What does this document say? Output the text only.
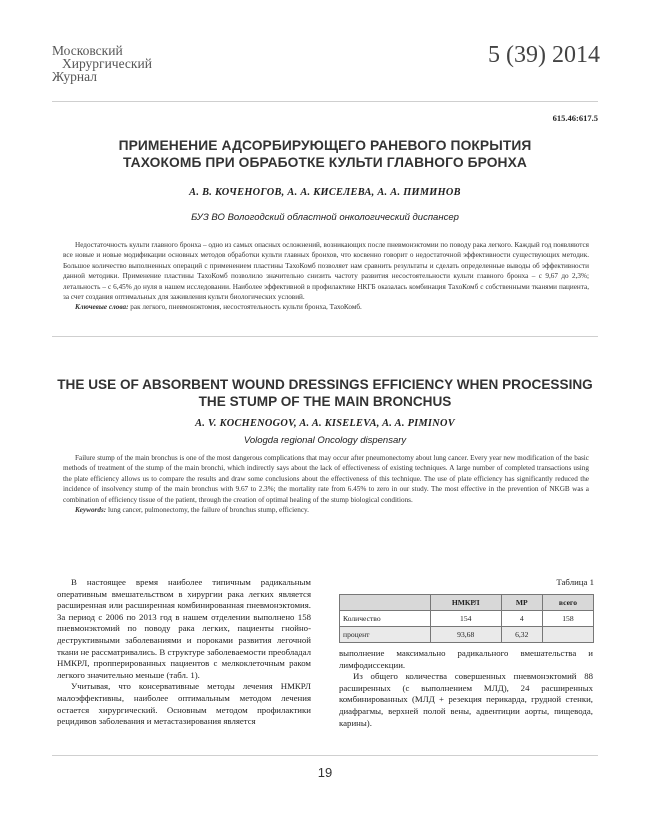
Московский
Хирургический
Журнал
5 (39) 2014
615.46:617.5
ПРИМЕНЕНИЕ АДСОРБИРУЮЩЕГО РАНЕВОГО ПОКРЫТИЯ ТАХОКОМБ ПРИ ОБРАБОТКЕ КУЛЬТИ ГЛАВНОГО БРОНХА
А. В. КОЧЕНОГОВ, А. А. КИСЕЛЕВА, А. А. ПИМИНОВ
БУЗ ВО Вологодский областной онкологический диспансер

Недостаточность культи главного бронха – одно из самых опасных осложнений, возникающих после пневмонэктомии по поводу рака легкого. Каждый год появляются все новые и новые модификации основных методов обработки культи главных бронхов, что косвенно говорит о недостаточной эффективности существующих методик. Большое количество выполненных операций с применением пластины ТахоКомб позволяет нам сравнить результаты и сделать определенные выводы об эффективности данной методики. Применение пластины ТахоКомб позволило значительно снизить частоту развития несостоятельности культи главного бронха – с 9,67 до 2,3%; летальность – с 6,45% до нуля в нашем исследовании. Наиболее эффективной в профилактике НКГБ оказалась комбинация ТахоКомб с собственными тканями пациента, за счет создания оптимальных для заживления культи биологических условий.

Ключевые слова: рак легкого, пневмонэктомия, несостоятельность культи бронха, ТахоКомб.

THE USE OF ABSORBENT WOUND DRESSINGS EFFICIENCY WHEN PROCESSING THE STUMP OF THE MAIN BRONCHUS
A. V. KOCHENOGOV, A. A. KISELEVA, A. A. PIMINOV
Vologda regional Oncology dispensary

Failure stump of the main bronchus is one of the most dangerous complications that may occur after pneumonectomy about lung cancer. Every year new modification of the basic methods of treatment of the stump of the main bronchi, which indirectly says about the lack of effectiveness of existing techniques. A large number of completed transactions using the plate efficiency allows us to compare the results and draw some conclusions about the effectiveness of this technique. The use of plate efficiency has significantly reduced the incidence of insolvency stump of the main bronchus with 9.67 to 2.3%; the mortality rate from 6.45% to zero in our study. The most effective in the prevention of NKGB was a combination of efficiency tissue of the patient, through the creation of optimal healing of the stump biological conditions.

Keywords: lung cancer, pulmonectomy, the failure of bronchus stump, efficiency.

В настоящее время наиболее типичным радикальным оперативным вмешательством в хирургии рака легких является расширенная или расширенная комбинированная пневмонэктомия. За период с 2006 по 2013 год в нашем отделении выполнено 158 пневмонэктомий по поводу рака легких, пациенты гнойно-деструктивными заболеваниями и пороками развития легочной ткани не рассматривались. В структуре заболеваемости преобладал НМКРЛ, пропперированных пациентов с мелкоклеточным раком легкого значительно меньше (табл. 1).

Учитывая, что консервативные методы лечения НМКРЛ малоэффективны, наиболее оптимальным методом лечения остается хирургический. Основным методом профилактики рецидивов заболевания и метастазирования является

Таблица 1
	НМКРЛ	МР	всего
Количество	154	4	158
процент	93,68	6,32	

выполнение максимально радикального вмешательства и лимфодиссекции.

Из общего количества совершенных пневмонэктомий 88 расширенных (с выполнением МЛД), 24 расширенных комбинированных (МЛД + резекция перикарда, грудной стенки, диафрагмы, верхней полой вены, адвентиции аорты, пищевода, карины).

19
